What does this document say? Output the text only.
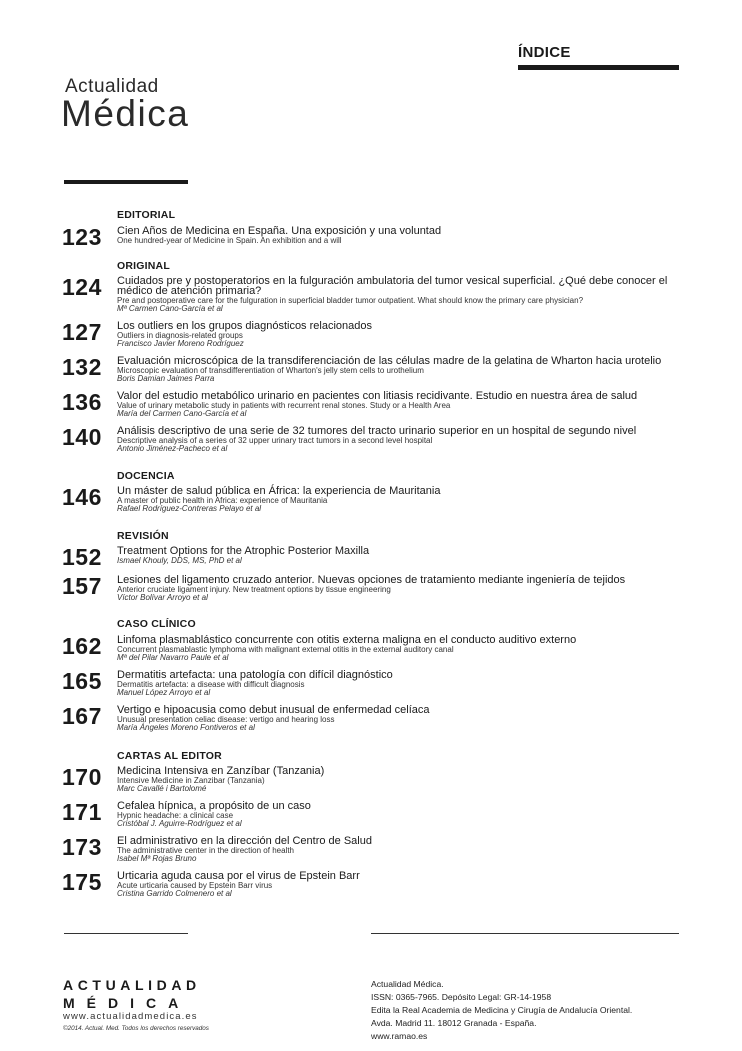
ÍNDICE
Actualidad
Médica
EDITORIAL
123 Cien Años de Medicina en España. Una exposición y una voluntad
One hundred-year of Medicine in Spain. An exhibition and a will
ORIGINAL
124 Cuidados pre y postoperatorios en la fulguración ambulatoria del tumor vesical superficial. ¿Qué debe conocer el médico de atención primaria?
Pre and postoperative care for the fulguration in superficial bladder tumor outpatient. What should know the primary care physician?
Mª Carmen Cano-García et al
127 Los outliers en los grupos diagnósticos relacionados
Outliers in diagnosis-related groups
Francisco Javier Moreno Rodríguez
132 Evaluación microscópica de la transdiferenciación de las células madre de la gelatina de Wharton hacia urotelio
Microscopic evaluation of transdifferentiation of Wharton's jelly stem cells to urothelium
Boris Damian Jaimes Parra
136 Valor del estudio metabólico urinario en pacientes con litiasis recidivante. Estudio en nuestra área de salud
Value of urinary metabolic study in patients with recurrent renal stones. Study or a Health Area
María del Carmen Cano-García et al
140 Análisis descriptivo de una serie de 32 tumores del tracto urinario superior en un hospital de segundo nivel
Descriptive analysis of a series of 32 upper urinary tract tumors in a second level hospital
Antonio Jiménez-Pacheco et al
DOCENCIA
146 Un máster de salud pública en África: la experiencia de Mauritania
A master of public health in Africa: experience of Mauritania
Rafael Rodríguez-Contreras Pelayo et al
REVISIÓN
152 Treatment Options for the Atrophic Posterior Maxilla
Ismael Khouly, DDS, MS, PhD et al
157 Lesiones del ligamento cruzado anterior. Nuevas opciones de tratamiento mediante ingeniería de tejidos
Anterior cruciate ligament injury. New treatment options by tissue engineering
Víctor Bolívar Arroyo et al
CASO CLÍNICO
162 Linfoma plasmablástico concurrente con otitis externa maligna en el conducto auditivo externo
Concurrent plasmablastic lymphoma with malignant external otitis in the external auditory canal
Mª del Pilar Navarro Paule et al
165 Dermatitis artefacta: una patología con difícil diagnóstico
Dermatitis artefacta: a disease with difficult diagnosis
Manuel López Arroyo et al
167 Vertigo e hipoacusia como debut inusual de enfermedad celíaca
Unusual presentation celiac disease: vertigo and hearing loss
María Ángeles Moreno Fontiveros et al
CARTAS AL EDITOR
170 Medicina Intensiva en Zanzíbar (Tanzania)
Intensive Medicine in Zanzibar (Tanzania)
Marc Cavallé i Bartolomé
171 Cefalea hípnica, a propósito de un caso
Hypnic headache: a clinical case
Cristóbal J. Aguirre-Rodríguez et al
173 El administrativo en la dirección del Centro de Salud
The administrative center in the direction of health
Isabel Mª Rojas Bruno
175 Urticaria aguda causa por el virus de Epstein Barr
Acute urticaria caused by Epstein Barr virus
Cristina Garrido Colmenero et al
ACTUALIDAD
MÉDICA
www.actualidadmedica.es
©2014. Actual. Med. Todos los derechos reservados
Actualidad Médica.
ISSN: 0365-7965. Depósito Legal: GR-14-1958
Edita la Real Academia de Medicina y Cirugía de Andalucía Oriental.
Avda. Madrid 11. 18012 Granada - España.
www.ramao.es
